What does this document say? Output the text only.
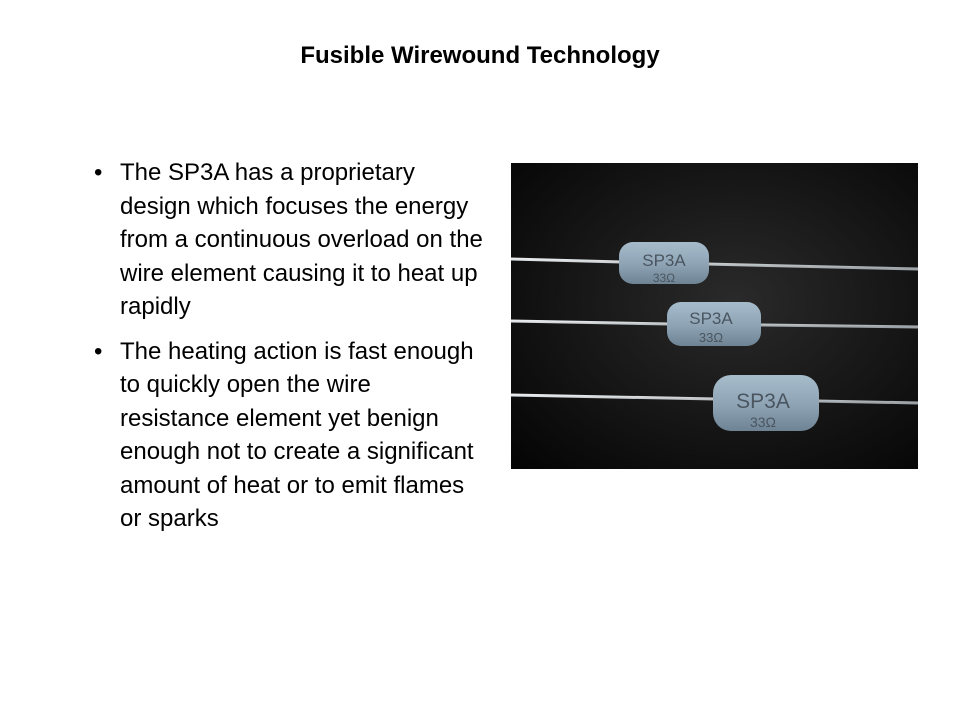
Fusible Wirewound Technology
• The SP3A has a proprietary design which focuses the energy from a continuous overload on the wire element causing it to heat up rapidly
• The heating action is fast enough to quickly open the wire resistance element yet benign enough not to create a significant amount of heat or to emit flames or sparks
SP3A
33Ω
SP3A
33Ω
SP3A
33Ω
